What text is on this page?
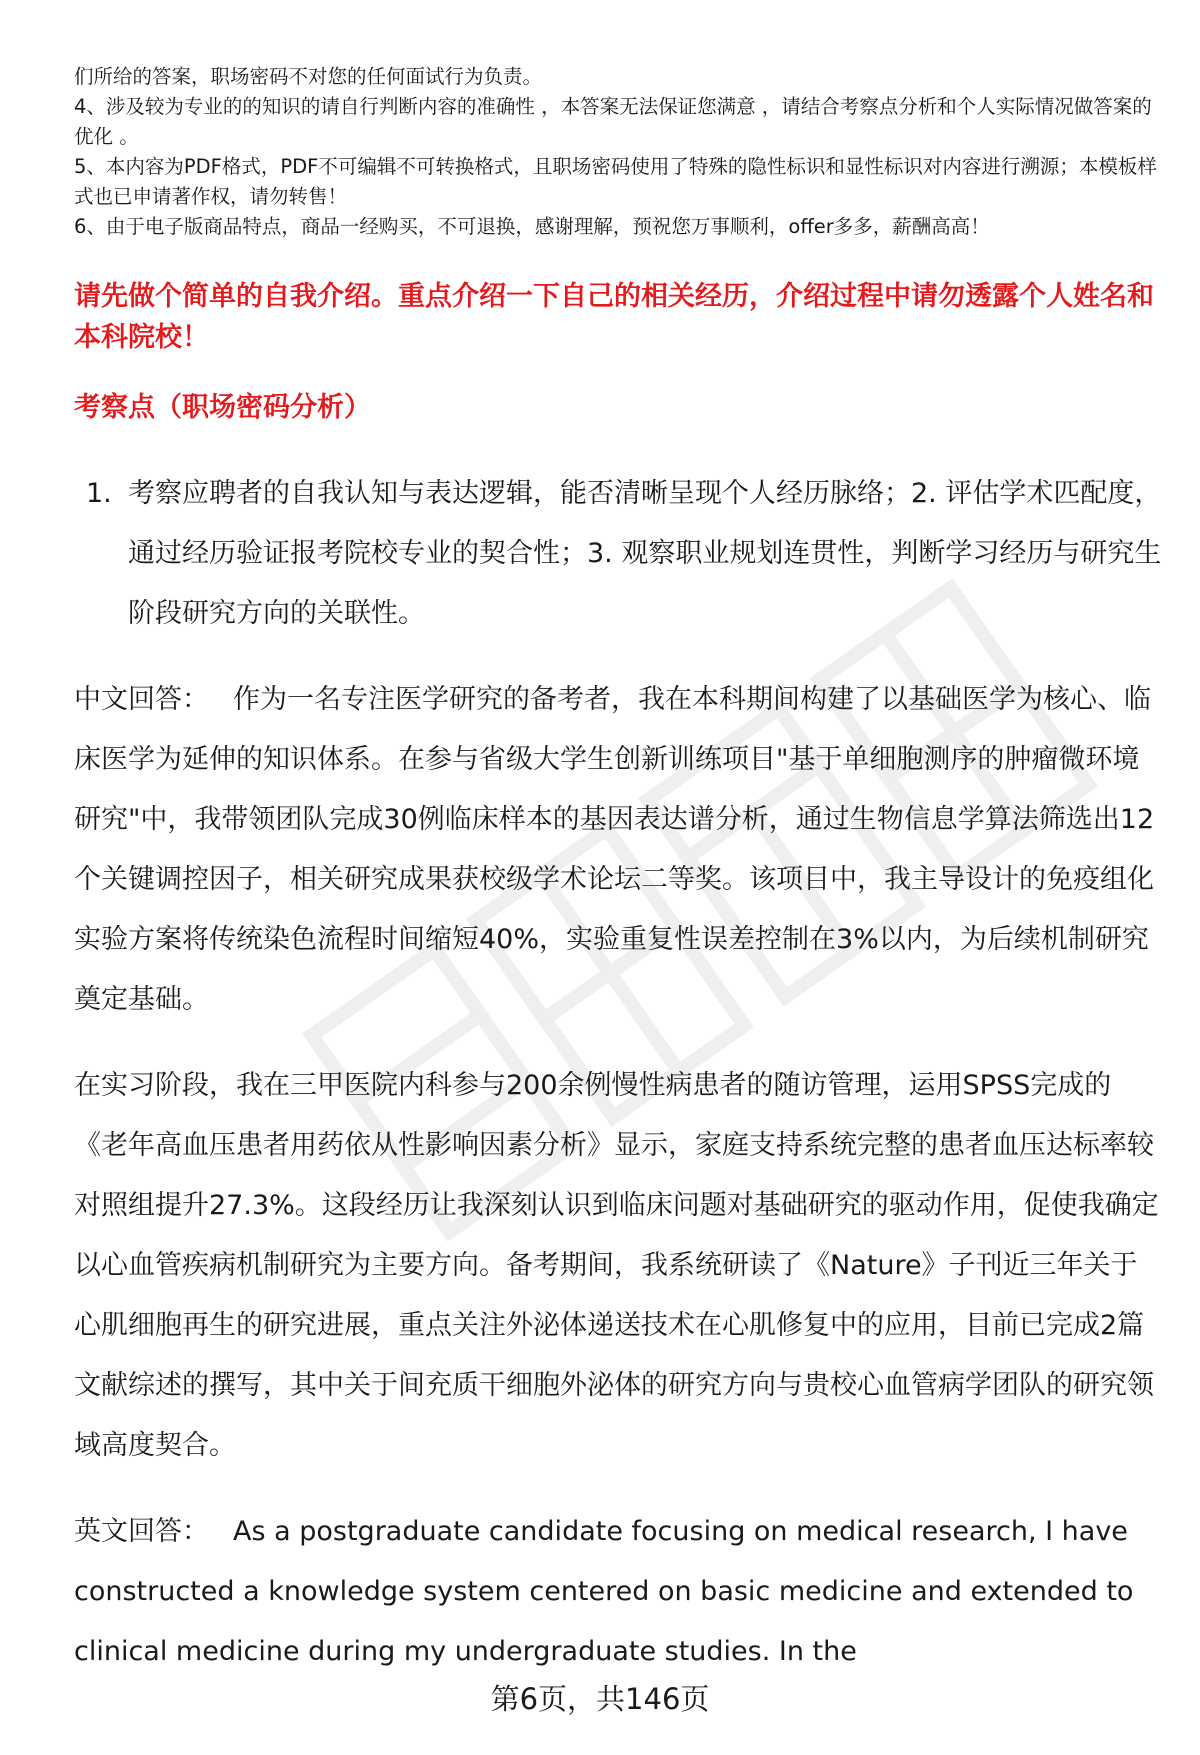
们所给的答案，职场密码不对您的任何面试行为负责。

4、涉及较为专业的的知识的请自行判断内容的准确性 ，本答案无法保证您满意 ，请结合考察点分析和个人实际情况做答案的优化 。

5、本内容为PDF格式，PDF不可编辑不可转换格式，且职场密码使用了特殊的隐性标识和显性标识对内容进行溯源；本模板样式也已申请著作权，请勿转售！

6、由于电子版商品特点，商品一经购买，不可退换，感谢理解，预祝您万事顺利，offer多多，薪酬高高！

请先做个简单的自我介绍。重点介绍一下自己的相关经历，介绍过程中请勿透露个人姓名和本科院校！
考察点（职场密码分析）
1. 考察应聘者的自我认知与表达逻辑，能否清晰呈现个人经历脉络；2. 评估学术匹配度，通过经历验证报考院校专业的契合性；3. 观察职业规划连贯性，判断学习经历与研究生阶段研究方向的关联性。

中文回答： 作为一名专注医学研究的备考者，我在本科期间构建了以基础医学为核心、临床医学为延伸的知识体系。在参与省级大学生创新训练项目"基于单细胞测序的肿瘤微环境研究"中，我带领团队完成30例临床样本的基因表达谱分析，通过生物信息学算法筛选出12个关键调控因子，相关研究成果获校级学术论坛二等奖。该项目中，我主导设计的免疫组化实验方案将传统染色流程时间缩短40%，实验重复性误差控制在3%以内，为后续机制研究奠定基础。

在实习阶段，我在三甲医院内科参与200余例慢性病患者的随访管理，运用SPSS完成的《老年高血压患者用药依从性影响因素分析》显示，家庭支持系统完整的患者血压达标率较对照组提升27.3%。这段经历让我深刻认识到临床问题对基础研究的驱动作用，促使我确定以心血管疾病机制研究为主要方向。备考期间，我系统研读了《Nature》子刊近三年关于心肌细胞再生的研究进展，重点关注外泌体递送技术在心肌修复中的应用，目前已完成2篇文献综述的撰写，其中关于间充质干细胞外泌体的研究方向与贵校心血管病学团队的研究领域高度契合。

英文回答： As a postgraduate candidate focusing on medical research, I have constructed a knowledge system centered on basic medicine and extended to clinical medicine during my undergraduate studies. In the

第6页，共146页
